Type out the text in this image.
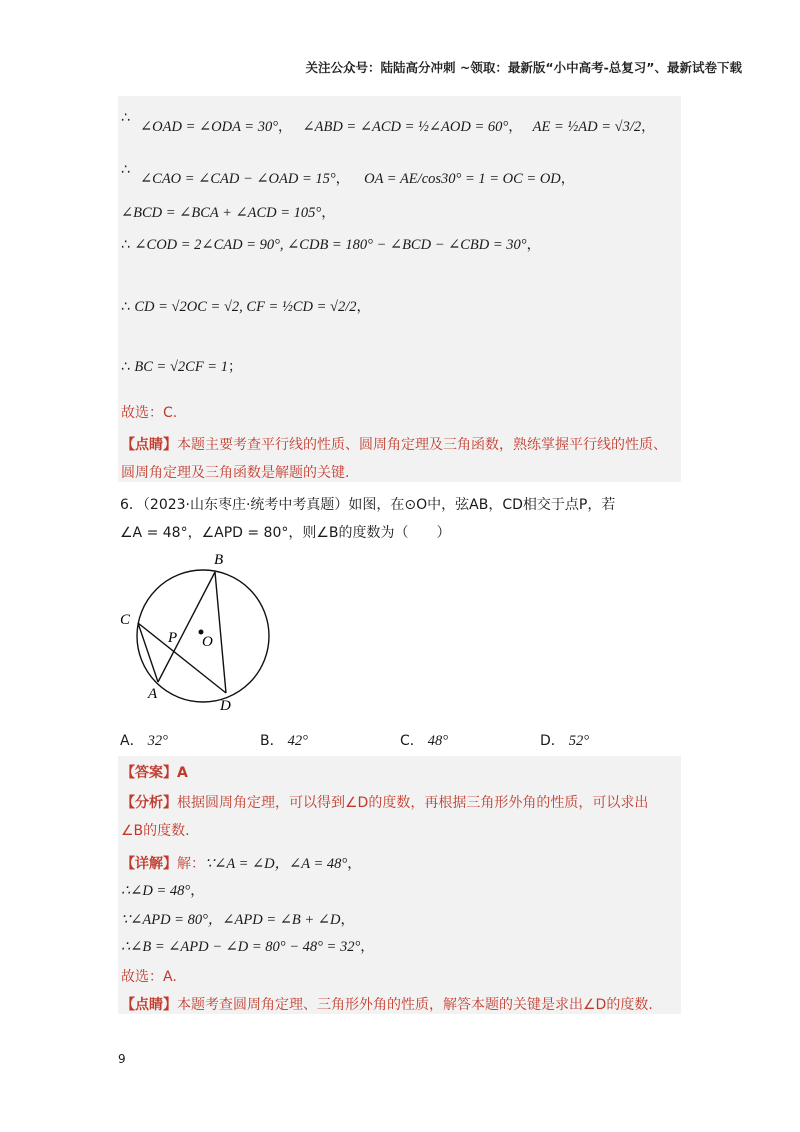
关注公众号：陆陆高分冲刺 ~领取：最新版“小中高考-总复习”、最新试卷下载
∴
∠OAD = ∠ODA = 30°， ∠ABD = ∠ACD = ½∠AOD = 60°， AE = ½AD = √3/2，
∴
∠CAO = ∠CAD − ∠OAD = 15°， OA = AE/cos30° = 1 = OC = OD，
∠BCD = ∠BCA + ∠ACD = 105°，
∴ ∠COD = 2∠CAD = 90°, ∠CDB = 180° − ∠BCD − ∠CBD = 30°，
∴ CD = √2OC = √2, CF = ½CD = √2/2，
∴ BC = √2CF = 1；
故选：C.
【点睛】本题主要考查平行线的性质、圆周角定理及三角函数，熟练掌握平行线的性质、
圆周角定理及三角函数是解题的关键.
6．（2023·山东枣庄·统考中考真题）如图，在⊙O中，弦AB，CD相交于点P，若
∠A = 48°，∠APD = 80°，则∠B的度数为（　　）
B
C
P O
A
D
A． 32°	B． 42°	C． 48°	D． 52°
【答案】A
【分析】根据圆周角定理，可以得到∠D的度数，再根据三角形外角的性质，可以求出
∠B的度数.
【详解】解：∵∠A = ∠D，∠A = 48°，
∴∠D = 48°，
∵∠APD = 80°，∠APD = ∠B + ∠D，
∴∠B = ∠APD − ∠D = 80° − 48° = 32°，
故选：A.
【点睛】本题考查圆周角定理、三角形外角的性质，解答本题的关键是求出∠D的度数.
9
